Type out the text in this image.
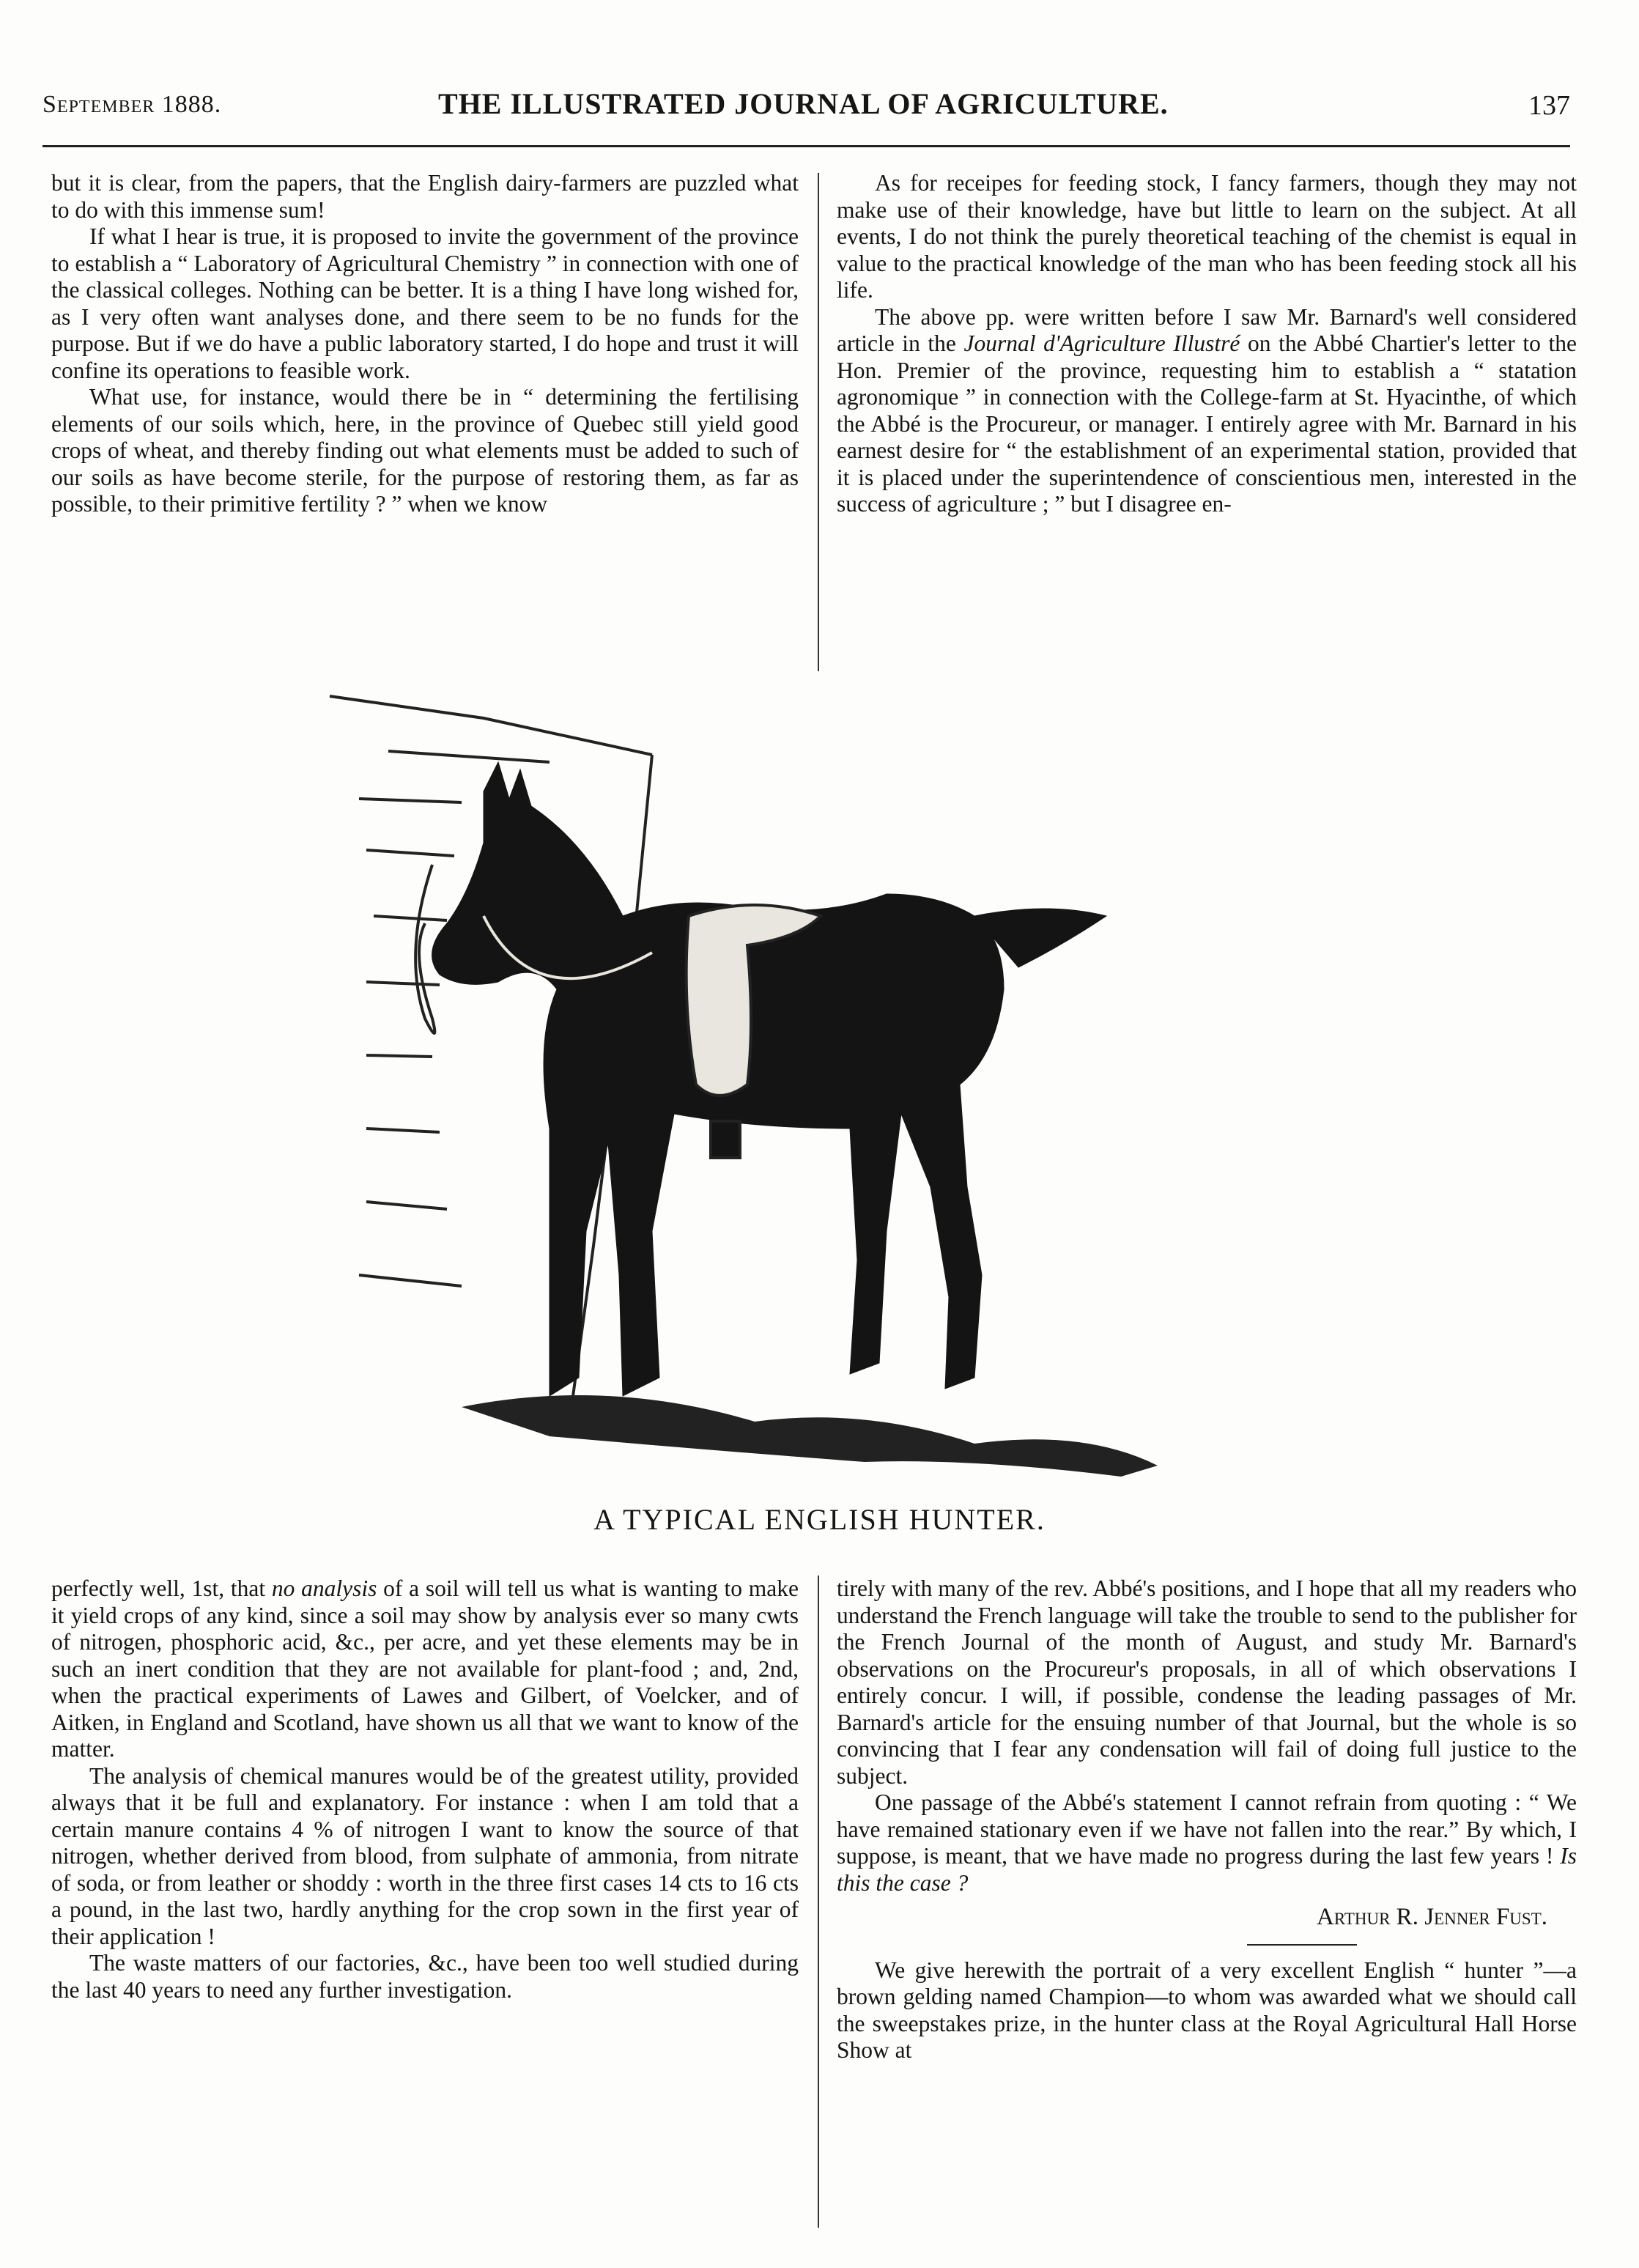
September 1888.	THE ILLUSTRATED JOURNAL OF AGRICULTURE.	137

but it is clear, from the papers, that the English dairy-farmers are puzzled what to do with this immense sum!

If what I hear is true, it is proposed to invite the government of the province to establish a “ Laboratory of Agricultural Chemistry ” in connection with one of the classical colleges. Nothing can be better. It is a thing I have long wished for, as I very often want analyses done, and there seem to be no funds for the purpose. But if we do have a public laboratory started, I do hope and trust it will confine its operations to feasible work.

What use, for instance, would there be in “ determining the fertilising elements of our soils which, here, in the province of Quebec still yield good crops of wheat, and thereby finding out what elements must be added to such of our soils as have become sterile, for the purpose of restoring them, as far as possible, to their primitive fertility ? ” when we know

As for receipes for feeding stock, I fancy farmers, though they may not make use of their knowledge, have but little to learn on the subject. At all events, I do not think the purely theoretical teaching of the chemist is equal in value to the practical knowledge of the man who has been feeding stock all his life.

The above pp. were written before I saw Mr. Barnard's well considered article in the Journal d'Agriculture Illustré on the Abbé Chartier's letter to the Hon. Premier of the province, requesting him to establish a “ statation agronomique ” in connection with the College-farm at St. Hyacinthe, of which the Abbé is the Procureur, or manager. I entirely agree with Mr. Barnard in his earnest desire for “ the establishment of an experimental station, provided that it is placed under the superintendence of conscientious men, interested in the success of agriculture ; ” but I disagree en-

A TYPICAL ENGLISH HUNTER.

perfectly well, 1st, that no analysis of a soil will tell us what is wanting to make it yield crops of any kind, since a soil may show by analysis ever so many cwts of nitrogen, phosphoric acid, &c., per acre, and yet these elements may be in such an inert condition that they are not available for plant-food ; and, 2nd, when the practical experiments of Lawes and Gilbert, of Voelcker, and of Aitken, in England and Scotland, have shown us all that we want to know of the matter.

The analysis of chemical manures would be of the greatest utility, provided always that it be full and explanatory. For instance : when I am told that a certain manure contains 4 % of nitrogen I want to know the source of that nitrogen, whether derived from blood, from sulphate of ammonia, from nitrate of soda, or from leather or shoddy : worth in the three first cases 14 cts to 16 cts a pound, in the last two, hardly anything for the crop sown in the first year of their application !

The waste matters of our factories, &c., have been too well studied during the last 40 years to need any further investigation.

tirely with many of the rev. Abbé's positions, and I hope that all my readers who understand the French language will take the trouble to send to the publisher for the French Journal of the month of August, and study Mr. Barnard's observations on the Procureur's proposals, in all of which observations I entirely concur. I will, if possible, condense the leading passages of Mr. Barnard's article for the ensuing number of that Journal, but the whole is so convincing that I fear any condensation will fail of doing full justice to the subject.

One passage of the Abbé's statement I cannot refrain from quoting : “ We have remained stationary even if we have not fallen into the rear.” By which, I suppose, is meant, that we have made no progress during the last few years ! Is this the case ?

Arthur R. Jenner Fust.

We give herewith the portrait of a very excellent English “ hunter ”—a brown gelding named Champion—to whom was awarded what we should call the sweepstakes prize, in the hunter class at the Royal Agricultural Hall Horse Show at
